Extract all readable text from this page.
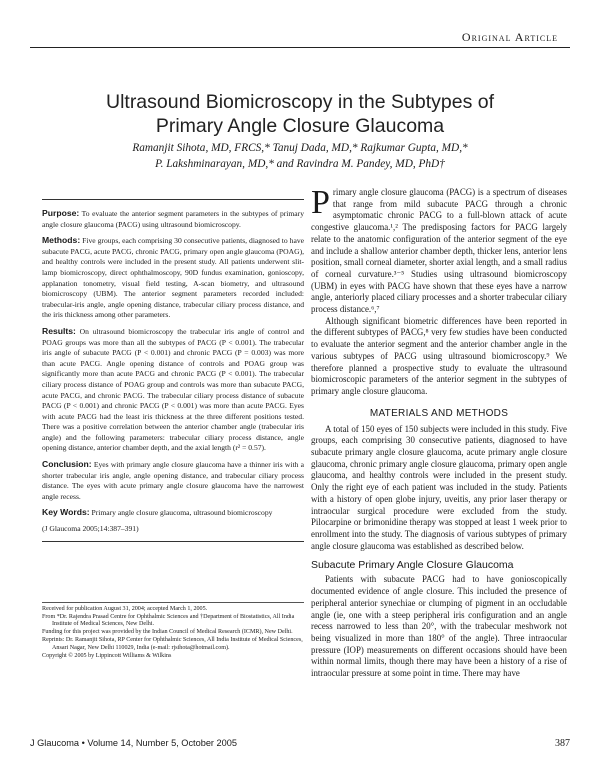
Original Article
Ultrasound Biomicroscopy in the Subtypes of
Primary Angle Closure Glaucoma
Ramanjit Sihota, MD, FRCS,* Tanuj Dada, MD,* Rajkumar Gupta, MD,*
P. Lakshminarayan, MD,* and Ravindra M. Pandey, MD, PhD†

Purpose: To evaluate the anterior segment parameters in the subtypes of primary angle closure glaucoma (PACG) using ultrasound biomicroscopy.

Methods: Five groups, each comprising 30 consecutive patients, diagnosed to have subacute PACG, acute PACG, chronic PACG, primary open angle glaucoma (POAG), and healthy controls were included in the present study. All patients underwent slit-lamp biomicroscopy, direct ophthalmoscopy, 90D fundus examination, gonioscopy, applanation tonometry, visual field testing, A-scan biometry, and ultrasound biomicroscopy (UBM). The anterior segment parameters recorded included: trabecular-iris angle, angle opening distance, trabecular ciliary process distance, and the iris thickness among other parameters.

Results: On ultrasound biomicroscopy the trabecular iris angle of control and POAG groups was more than all the subtypes of PACG (P < 0.001). The trabecular iris angle of subacute PACG (P < 0.001) and chronic PACG (P = 0.003) was more than acute PACG. Angle opening distance of controls and POAG group was significantly more than acute PACG and chronic PACG (P < 0.001). The trabecular ciliary process distance of POAG group and controls was more than subacute PACG, acute PACG, and chronic PACG. The trabecular ciliary process distance of subacute PACG (P < 0.001) and chronic PACG (P < 0.001) was more than acute PACG. Eyes with acute PACG had the least iris thickness at the three different positions tested. There was a positive correlation between the anterior chamber angle (trabecular iris angle) and the following parameters: trabecular ciliary process distance, angle opening distance, anterior chamber depth, and the axial length (r² = 0.57).

Conclusion: Eyes with primary angle closure glaucoma have a thinner iris with a shorter trabecular iris angle, angle opening distance, and trabecular ciliary process distance. The eyes with acute primary angle closure glaucoma have the narrowest angle recess.

Key Words: Primary angle closure glaucoma, ultrasound biomicroscopy

(J Glaucoma 2005;14:387–391)

Received for publication August 31, 2004; accepted March 1, 2005.

From *Dr. Rajendra Prasad Centre for Ophthalmic Sciences and †Department of Biostatistics, All India Institute of Medical Sciences, New Delhi.

Funding for this project was provided by the Indian Council of Medical Research (ICMR), New Delhi.

Reprints: Dr. Ramanjit Sihota, RP Center for Ophthalmic Sciences, All India Institute of Medical Sciences, Ansari Nagar, New Delhi 110029, India (e-mail: rjsihota@hotmail.com).

Copyright © 2005 by Lippincott Williams & Wilkins

Primary angle closure glaucoma (PACG) is a spectrum of diseases that range from mild subacute PACG through a chronic asymptomatic chronic PACG to a full-blown attack of acute congestive glaucoma.¹,² The predisposing factors for PACG largely relate to the anatomic configuration of the anterior segment of the eye and include a shallow anterior chamber depth, thicker lens, anterior lens position, small corneal diameter, shorter axial length, and a small radius of corneal curvature.³⁻⁵ Studies using ultrasound biomicroscopy (UBM) in eyes with PACG have shown that these eyes have a narrow angle, anteriorly placed ciliary processes and a shorter trabecular ciliary process distance.⁶,⁷

Although significant biometric differences have been reported in the different subtypes of PACG,⁸ very few studies have been conducted to evaluate the anterior segment and the anterior chamber angle in the various subtypes of PACG using ultrasound biomicroscopy.⁹ We therefore planned a prospective study to evaluate the ultrasound biomicroscopic parameters of the anterior segment in the subtypes of primary angle closure glaucoma.

MATERIALS AND METHODS

A total of 150 eyes of 150 subjects were included in this study. Five groups, each comprising 30 consecutive patients, diagnosed to have subacute primary angle closure glaucoma, acute primary angle closure glaucoma, chronic primary angle closure glaucoma, primary open angle glaucoma, and healthy controls were included in the present study. Only the right eye of each patient was included in the study. Patients with a history of open globe injury, uveitis, any prior laser therapy or intraocular surgical procedure were excluded from the study. Pilocarpine or brimonidine therapy was stopped at least 1 week prior to enrollment into the study. The diagnosis of various subtypes of primary angle closure glaucoma was established as described below.

Subacute Primary Angle Closure Glaucoma

Patients with subacute PACG had to have gonioscopically documented evidence of angle closure. This included the presence of peripheral anterior synechiae or clumping of pigment in an occludable angle (ie, one with a steep peripheral iris configuration and an angle recess narrowed to less than 20°, with the trabecular meshwork not being visualized in more than 180° of the angle). Three intraocular pressure (IOP) measurements on different occasions should have been within normal limits, though there may have been a history of a rise of intraocular pressure at some point in time. There may have

J Glaucoma • Volume 14, Number 5, October 2005	387
